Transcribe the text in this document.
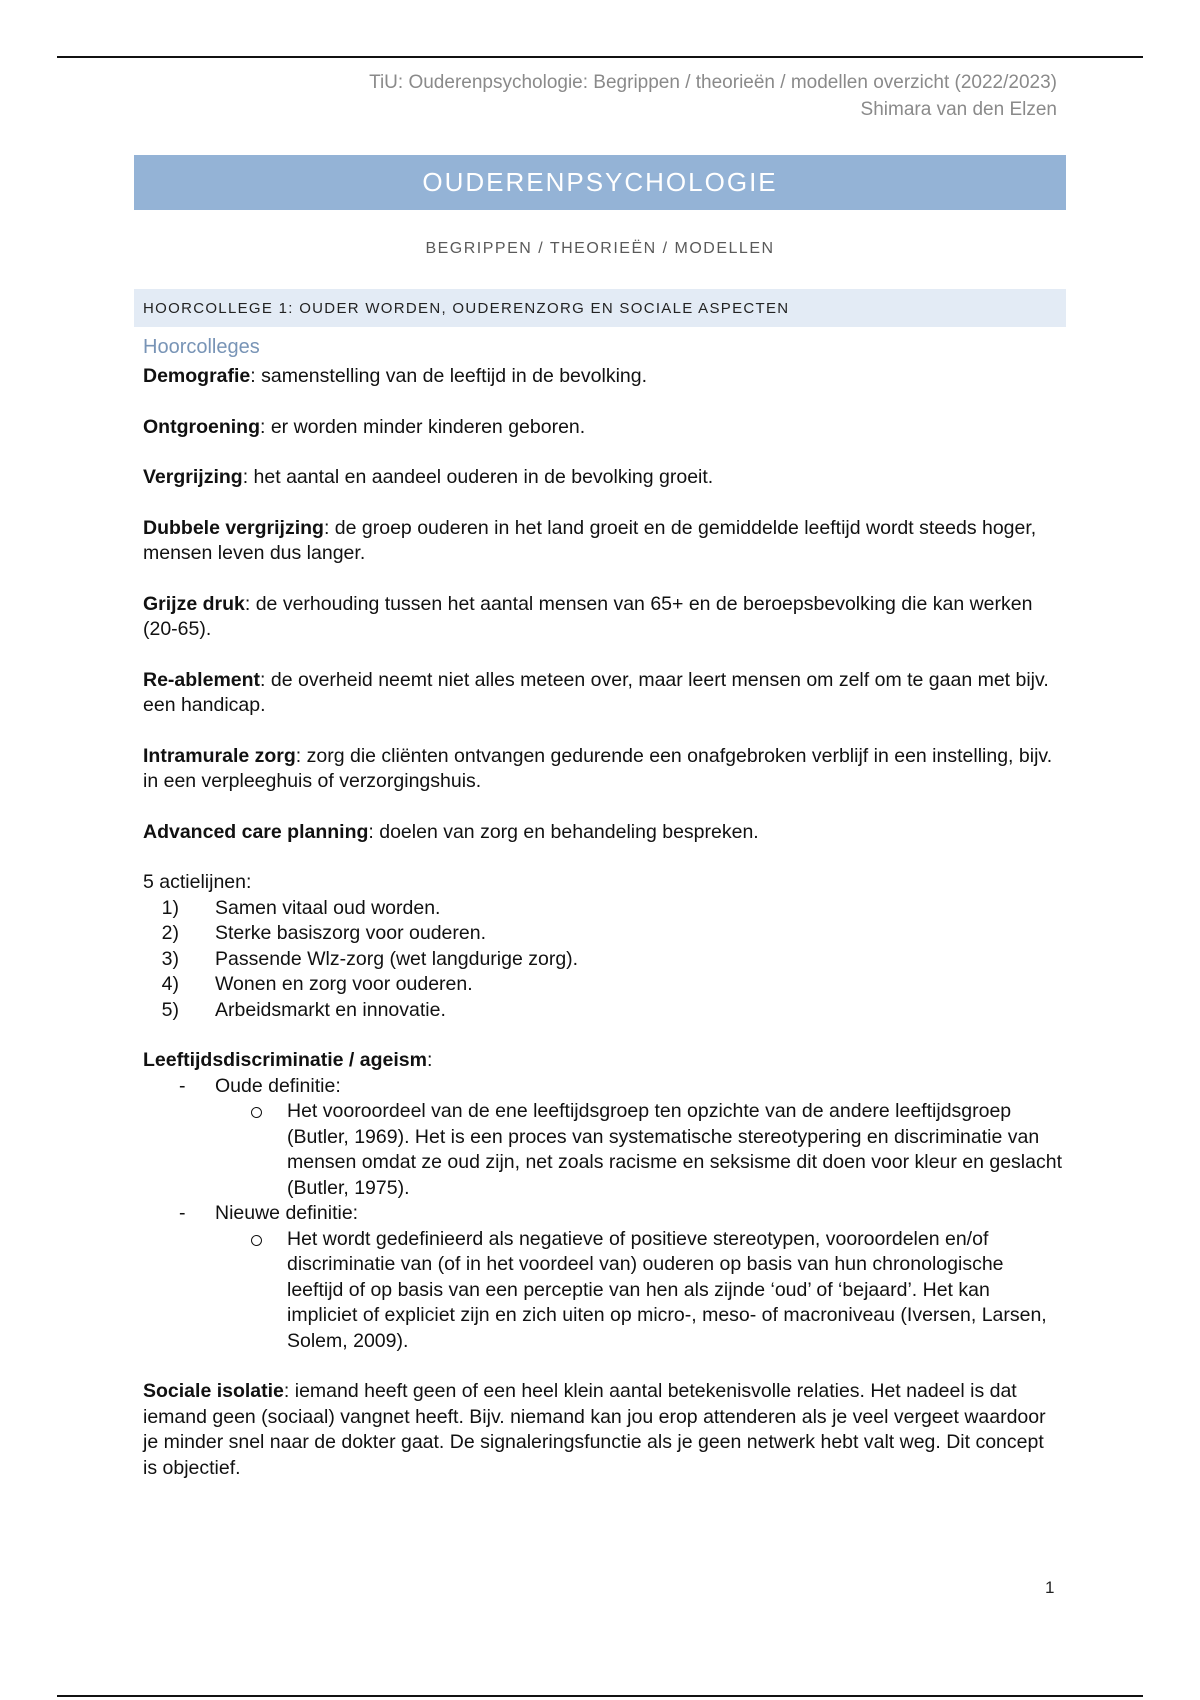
TiU: Ouderenpsychologie: Begrippen / theorieën / modellen overzicht (2022/2023)
Shimara van den Elzen
OUDERENPSYCHOLOGIE
BEGRIPPEN / THEORIEËN / MODELLEN
HOORCOLLEGE 1: OUDER WORDEN, OUDERENZORG EN SOCIALE ASPECTEN
Hoorcolleges

Demografie: samenstelling van de leeftijd in de bevolking.

Ontgroening: er worden minder kinderen geboren.

Vergrijzing: het aantal en aandeel ouderen in de bevolking groeit.

Dubbele vergrijzing: de groep ouderen in het land groeit en de gemiddelde leeftijd wordt steeds hoger, mensen leven dus langer.

Grijze druk: de verhouding tussen het aantal mensen van 65+ en de beroepsbevolking die kan werken (20-65).

Re-ablement: de overheid neemt niet alles meteen over, maar leert mensen om zelf om te gaan met bijv. een handicap.

Intramurale zorg: zorg die cliënten ontvangen gedurende een onafgebroken verblijf in een instelling, bijv. in een verpleeghuis of verzorgingshuis.

Advanced care planning: doelen van zorg en behandeling bespreken.

5 actielijnen:
1)	Samen vitaal oud worden.
2)	Sterke basiszorg voor ouderen.
3)	Passende Wlz-zorg (wet langdurige zorg).
4)	Wonen en zorg voor ouderen.
5)	Arbeidsmarkt en innovatie.
Leeftijdsdiscriminatie / ageism:
- Oude definitie:
Het vooroordeel van de ene leeftijdsgroep ten opzichte van de andere leeftijdsgroep (Butler, 1969). Het is een proces van systematische stereotypering en discriminatie van mensen omdat ze oud zijn, net zoals racisme en seksisme dit doen voor kleur en geslacht (Butler, 1975).
- Nieuwe definitie:
Het wordt gedefinieerd als negatieve of positieve stereotypen, vooroordelen en/of discriminatie van (of in het voordeel van) ouderen op basis van hun chronologische leeftijd of op basis van een perceptie van hen als zijnde ‘oud’ of ‘bejaard’. Het kan impliciet of expliciet zijn en zich uiten op micro-, meso- of macroniveau (Iversen, Larsen, Solem, 2009).

Sociale isolatie: iemand heeft geen of een heel klein aantal betekenisvolle relaties. Het nadeel is dat iemand geen (sociaal) vangnet heeft. Bijv. niemand kan jou erop attenderen als je veel vergeet waardoor je minder snel naar de dokter gaat. De signaleringsfunctie als je geen netwerk hebt valt weg. Dit concept is objectief.

1
